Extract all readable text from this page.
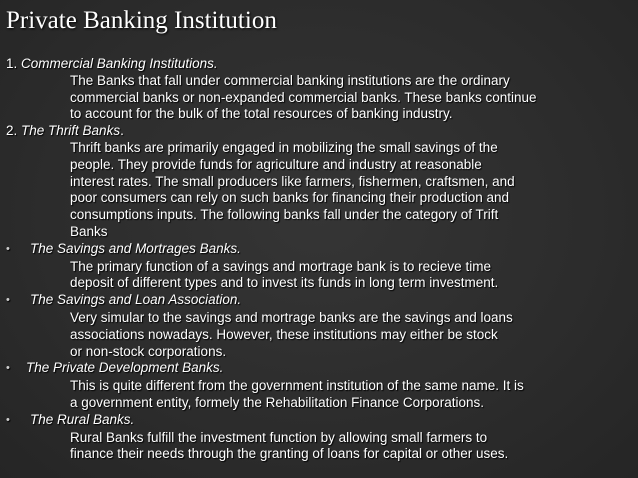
Private Banking Institution
1. Commercial Banking Institutions.
The Banks that fall under commercial banking institutions are the ordinary
commercial banks or non-expanded commercial banks. These banks continue
to account for the bulk of the total resources of banking industry.
2. The Thrift Banks.
Thrift banks are primarily engaged in mobilizing the small savings of the
people. They provide funds for agriculture and industry at reasonable
interest rates. The small producers like farmers, fishermen, craftsmen, and
poor consumers can rely on such banks for financing their production and
consumptions inputs. The following banks fall under the category of Trift
Banks
• The Savings and Mortrages Banks.
The primary function of a savings and mortrage bank is to recieve time
deposit of different types and to invest its funds in long term investment.
• The Savings and Loan Association.
Very simular to the savings and mortrage banks are the savings and loans
associations nowadays. However, these institutions may either be stock
or non-stock corporations.
• The Private Development Banks.
This is quite different from the government institution of the same name. It is
a government entity, formely the Rehabilitation Finance Corporations.
• The Rural Banks.
Rural Banks fulfill the investment function by allowing small farmers to
finance their needs through the granting of loans for capital or other uses.
